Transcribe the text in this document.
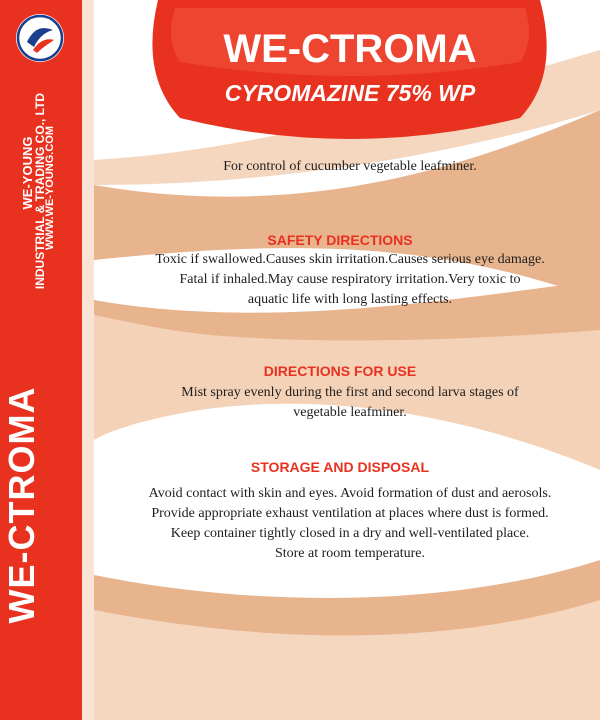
WE-YOUNG
INDUSTRIAL & TRADING CO., LTD
WWW.WE-YOUNG.COM
WE-CTROMA
WE-CTROMA
CYROMAZINE 75% WP
For control of cucumber vegetable leafminer.
SAFETY DIRECTIONS
Toxic if swallowed.Causes skin irritation.Causes serious eye damage.
Fatal if inhaled.May cause respiratory irritation.Very toxic to
aquatic life with long lasting effects.
DIRECTIONS FOR USE
Mist spray evenly during the first and second larva stages of
vegetable leafminer.
STORAGE AND DISPOSAL
Avoid contact with skin and eyes. Avoid formation of dust and aerosols.
Provide appropriate exhaust ventilation at places where dust is formed.
Keep container tightly closed in a dry and well-ventilated place.
Store at room temperature.
